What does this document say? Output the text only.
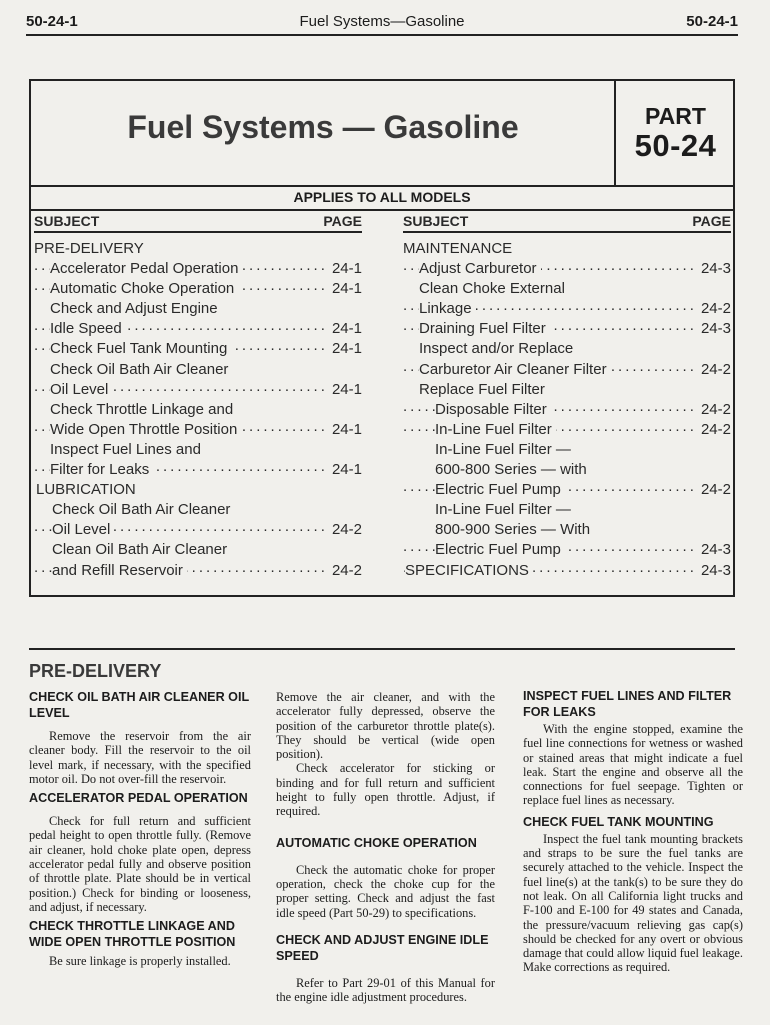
50-24-1	Fuel Systems—Gasoline	50-24-1
Fuel Systems — Gasoline	PART
50-24
APPLIES TO ALL MODELS
SUBJECT	PAGE
PRE-DELIVERY
Accelerator Pedal Operation .....	24-1
Automatic Choke Operation .....	24-1
Check and Adjust Engine
Idle Speed .....	24-1
Check Fuel Tank Mounting .....	24-1
Check Oil Bath Air Cleaner
Oil Level .....	24-1
Check Throttle Linkage and
Wide Open Throttle Position .....	24-1
Inspect Fuel Lines and
Filter for Leaks .....	24-1
LUBRICATION
Check Oil Bath Air Cleaner
Oil Level .....	24-2
Clean Oil Bath Air Cleaner
and Refill Reservoir .....	24-2
SUBJECT	PAGE
MAINTENANCE
Adjust Carburetor .....	24-3
Clean Choke External
Linkage .....	24-2
Draining Fuel Filter .....	24-3
Inspect and/or Replace
Carburetor Air Cleaner Filter .....	24-2
Replace Fuel Filter
Disposable Filter .....	24-2
In-Line Fuel Filter .....	24-2
In-Line Fuel Filter —
600-800 Series — with
Electric Fuel Pump .....	24-2
In-Line Fuel Filter —
800-900 Series — With
Electric Fuel Pump .....	24-3
SPECIFICATIONS .....	24-3
PRE-DELIVERY
CHECK OIL BATH AIR CLEANER OIL LEVEL

Remove the reservoir from the air cleaner body. Fill the reservoir to the oil level mark, if necessary, with the specified motor oil. Do not over-fill the reservoir.

ACCELERATOR PEDAL OPERATION

Check for full return and sufficient pedal height to open throttle fully. (Remove air cleaner, hold choke plate open, depress accelerator pedal fully and observe position of throttle plate. Plate should be in vertical position.) Check for binding or looseness, and adjust, if necessary.

CHECK THROTTLE LINKAGE AND WIDE OPEN THROTTLE POSITION

Be sure linkage is properly installed.

Remove the air cleaner, and with the accelerator fully depressed, observe the position of the carburetor throttle plate(s). They should be vertical (wide open position).

Check accelerator for sticking or binding and for full return and sufficient height to fully open throttle. Adjust, if required.

AUTOMATIC CHOKE OPERATION

Check the automatic choke for proper operation, check the choke cup for the proper setting. Check and adjust the fast idle speed (Part 50-29) to specifications.

CHECK AND ADJUST ENGINE IDLE SPEED

Refer to Part 29-01 of this Manual for the engine idle adjustment procedures.

INSPECT FUEL LINES AND FILTER FOR LEAKS

With the engine stopped, examine the fuel line connections for wetness or washed or stained areas that might indicate a fuel leak. Start the engine and observe all the connections for fuel seepage. Tighten or replace fuel lines as necessary.

CHECK FUEL TANK MOUNTING

Inspect the fuel tank mounting brackets and straps to be sure the fuel tanks are securely attached to the vehicle. Inspect the fuel line(s) at the tank(s) to be sure they do not leak. On all California light trucks and F-100 and E-100 for 49 states and Canada, the pressure/vacuum relieving gas cap(s) should be checked for any overt or obvious damage that could allow liquid fuel leakage. Make corrections as required.
